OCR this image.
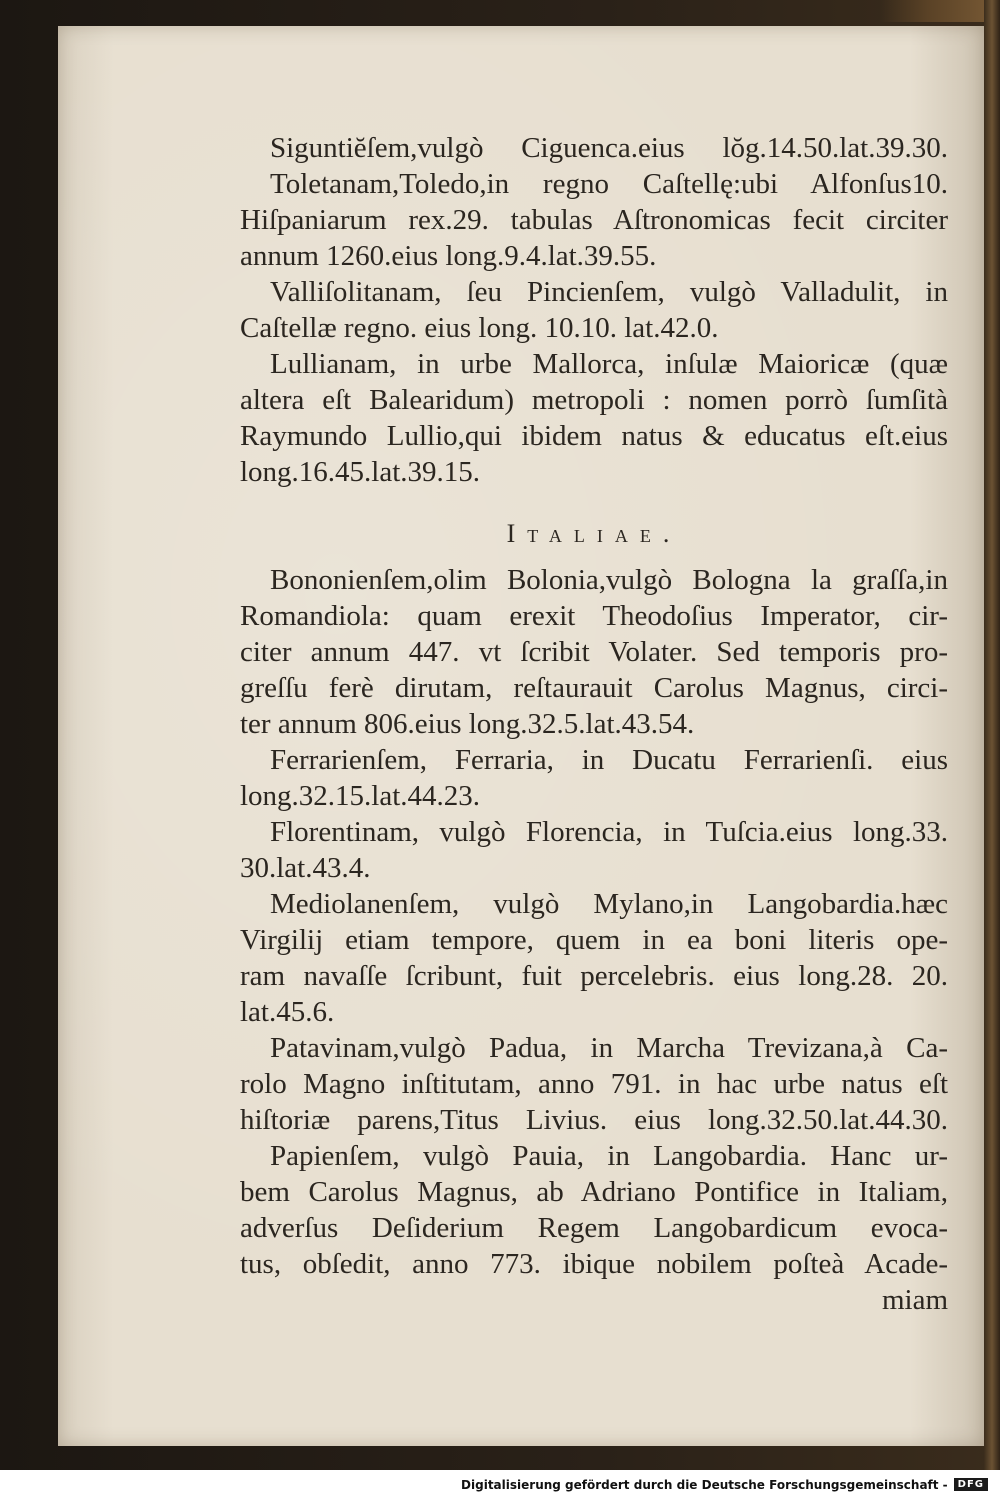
Siguntiĕſem,vulgò Ciguenca.eius lŏg.14.50.lat.39.30.
Toletanam,Toledo,in regno Caſtellę:ubi Alfonſus10.
Hiſpaniarum rex.29. tabulas Aſtronomicas fecit circiter
annum 1260.eius long.9.4.lat.39.55.
Valliſolitanam, ſeu Pincienſem, vulgò Valladulit, in
Caſtellæ regno. eius long. 10.10. lat.42.0.
Lullianam, in urbe Mallorca, inſulæ Maioricæ (quæ
altera eſt Balearidum) metropoli : nomen porrò ſumſità
Raymundo Lullio,qui ibidem natus & educatus eſt.eius
long.16.45.lat.39.15.
Italiae.
Bononienſem,olim Bolonia,vulgò Bologna la graſſa,in
Romandiola: quam erexit Theodoſius Imperator, cir-
citer annum 447. vt ſcribit Volater. Sed temporis pro-
greſſu ferè dirutam, reſtaurauit Carolus Magnus, circi-
ter annum 806.eius long.32.5.lat.43.54.
Ferrarienſem, Ferraria, in Ducatu Ferrarienſi. eius
long.32.15.lat.44.23.
Florentinam, vulgò Florencia, in Tuſcia.eius long.33.
30.lat.43.4.
Mediolanenſem, vulgò Mylano,in Langobardia.hæc
Virgilij etiam tempore, quem in ea boni literis ope-
ram navaſſe ſcribunt, fuit percelebris. eius long.28. 20.
lat.45.6.
Patavinam,vulgò Padua, in Marcha Trevizana,à Ca-
rolo Magno inſtitutam, anno 791. in hac urbe natus eſt
hiſtoriæ parens,Titus Livius. eius long.32.50.lat.44.30.
Papienſem, vulgò Pauia, in Langobardia. Hanc ur-
bem Carolus Magnus, ab Adriano Pontifice in Italiam,
adverſus Deſiderium Regem Langobardicum evoca-
tus, obſedit, anno 773. ibique nobilem poſteà Acade-
miam
Digitalisierung gefördert durch die Deutsche Forschungsgemeinschaft -	DFG
